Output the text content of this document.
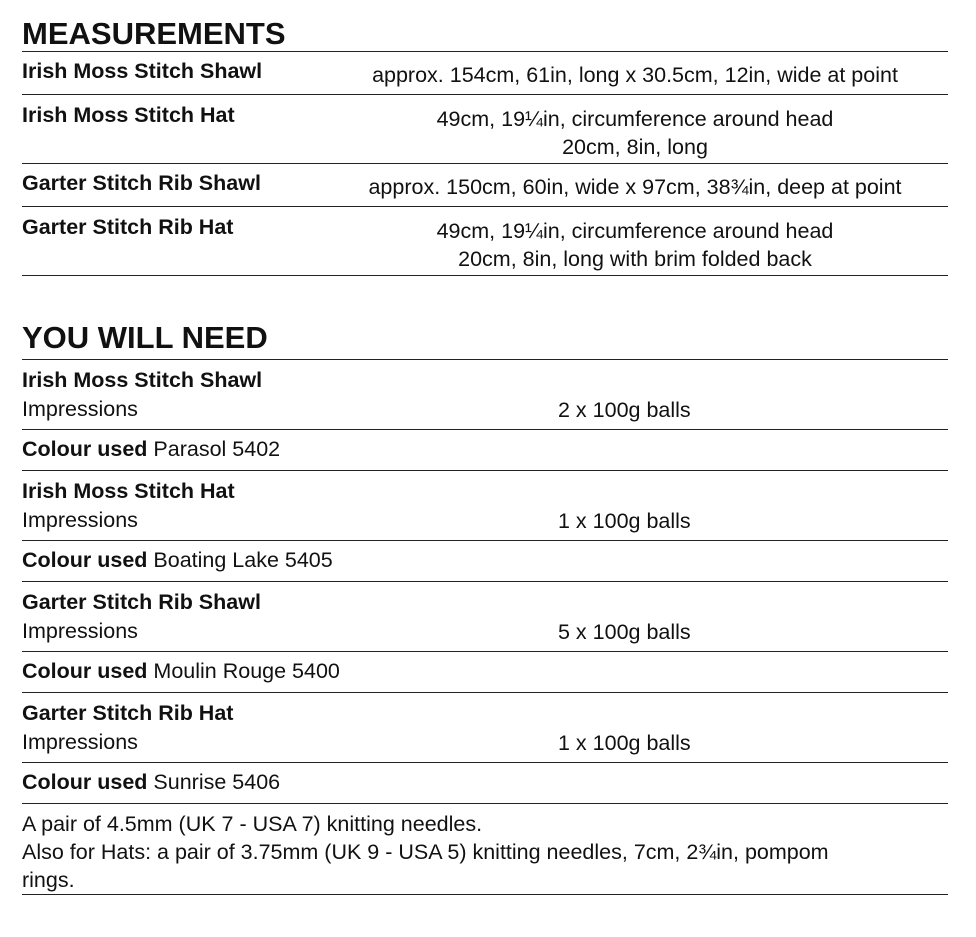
MEASUREMENTS
Irish Moss Stitch Shawl	approx. 154cm, 61in, long x 30.5cm, 12in, wide at point
Irish Moss Stitch Hat	49cm, 19¼in, circumference around head
20cm, 8in, long
Garter Stitch Rib Shawl	approx. 150cm, 60in, wide x 97cm, 38¾in, deep at point
Garter Stitch Rib Hat	49cm, 19¼in, circumference around head
20cm, 8in, long with brim folded back
YOU WILL NEED
Irish Moss Stitch Shawl
Impressions	2 x 100g balls
Colour used Parasol 5402
Irish Moss Stitch Hat
Impressions	1 x 100g balls
Colour used Boating Lake 5405
Garter Stitch Rib Shawl
Impressions	5 x 100g balls
Colour used Moulin Rouge 5400
Garter Stitch Rib Hat
Impressions	1 x 100g balls
Colour used Sunrise 5406
A pair of 4.5mm (UK 7 - USA 7) knitting needles.
Also for Hats: a pair of 3.75mm (UK 9 - USA 5) knitting needles, 7cm, 2¾in, pompom
rings.
